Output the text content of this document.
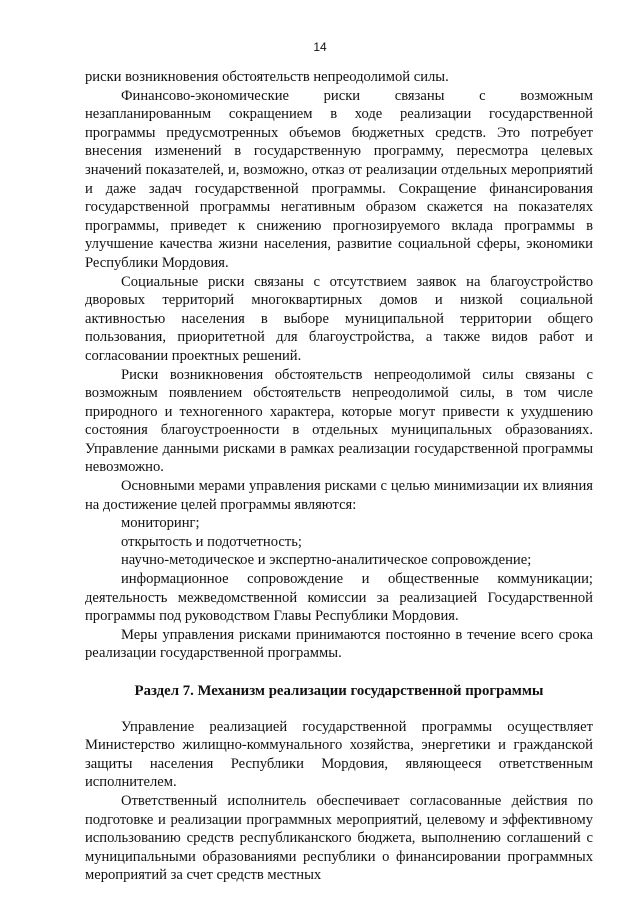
14

риски возникновения обстоятельств непреодолимой силы.

Финансово-экономические риски связаны с возможным незапланированным сокращением в ходе реализации государственной программы предусмотренных объемов бюджетных средств. Это потребует внесения изменений в государственную программу, пересмотра целевых значений показателей, и, возможно, отказ от реализации отдельных мероприятий и даже задач государственной программы. Сокращение финансирования государственной программы негативным образом скажется на показателях программы, приведет к снижению прогнозируемого вклада программы в улучшение качества жизни населения, развитие социальной сферы, экономики Республики Мордовия.

Социальные риски связаны с отсутствием заявок на благоустройство дворовых территорий многоквартирных домов и низкой социальной активностью населения в выборе муниципальной территории общего пользования, приоритетной для благоустройства, а также видов работ и согласовании проектных решений.

Риски возникновения обстоятельств непреодолимой силы связаны с возможным появлением обстоятельств непреодолимой силы, в том числе природного и техногенного характера, которые могут привести к ухудшению состояния благоустроенности в отдельных муниципальных образованиях. Управление данными рисками в рамках реализации государственной программы невозможно.

Основными мерами управления рисками с целью минимизации их влияния на достижение целей программы являются:

мониторинг;

открытость и подотчетность;

научно-методическое и экспертно-аналитическое сопровождение;

информационное сопровождение и общественные коммуникации; деятельность межведомственной комиссии за реализацией Государственной программы под руководством Главы Республики Мордовия.

Меры управления рисками принимаются постоянно в течение всего срока реализации государственной программы.

Раздел 7. Механизм реализации государственной программы

Управление реализацией государственной программы осуществляет Министерство жилищно-коммунального хозяйства, энергетики и гражданской защиты населения Республики Мордовия, являющееся ответственным исполнителем.

Ответственный исполнитель обеспечивает согласованные действия по подготовке и реализации программных мероприятий, целевому и эффективному использованию средств республиканского бюджета, выполнению соглашений с муниципальными образованиями республики о финансировании программных мероприятий за счет средств местных
